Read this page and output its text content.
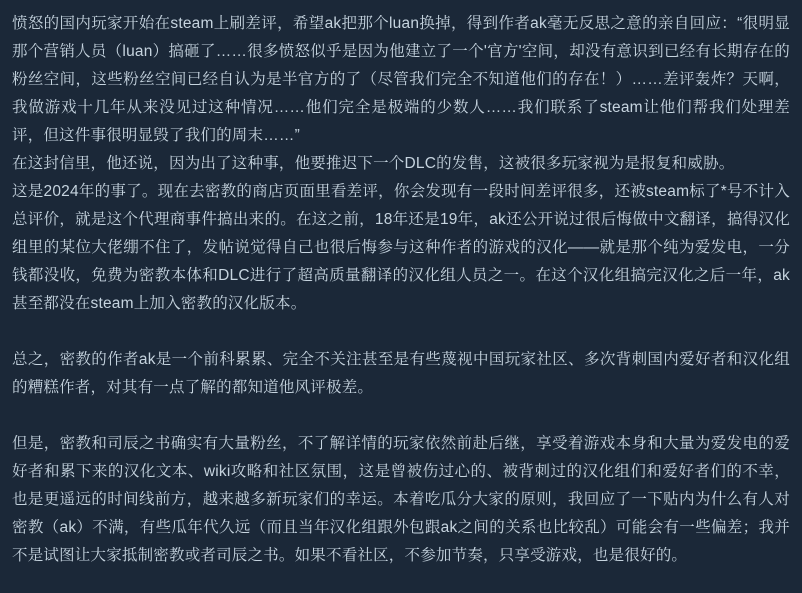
愤怒的国内玩家开始在steam上刷差评，希望ak把那个luan换掉，得到作者ak毫无反思之意的亲自回应：“很明显那个营销人员（luan）搞砸了……很多愤怒似乎是因为他建立了一个'官方'空间，却没有意识到已经有长期存在的粉丝空间，这些粉丝空间已经自认为是半官方的了（尽管我们完全不知道他们的存在！）……差评轰炸？天啊，我做游戏十几年从来没见过这种情况……他们完全是极端的少数人……我们联系了steam让他们帮我们处理差评，但这件事很明显毁了我们的周末……”

在这封信里，他还说，因为出了这种事，他要推迟下一个DLC的发售，这被很多玩家视为是报复和威胁。

这是2024年的事了。现在去密教的商店页面里看差评，你会发现有一段时间差评很多，还被steam标了*号不计入总评价，就是这个代理商事件搞出来的。在这之前，18年还是19年，ak还公开说过很后悔做中文翻译，搞得汉化组里的某位大佬绷不住了，发帖说觉得自己也很后悔参与这种作者的游戏的汉化——就是那个纯为爱发电，一分钱都没收，免费为密教本体和DLC进行了超高质量翻译的汉化组人员之一。在这个汉化组搞完汉化之后一年，ak甚至都没在steam上加入密教的汉化版本。

总之，密教的作者ak是一个前科累累、完全不关注甚至是有些蔑视中国玩家社区、多次背刺国内爱好者和汉化组的糟糕作者，对其有一点了解的都知道他风评极差。

但是，密教和司辰之书确实有大量粉丝，不了解详情的玩家依然前赴后继，享受着游戏本身和大量为爱发电的爱好者和累下来的汉化文本、wiki攻略和社区氛围，这是曾被伤过心的、被背刺过的汉化组们和爱好者们的不幸，也是更遥远的时间线前方，越来越多新玩家们的幸运。本着吃瓜分大家的原则，我回应了一下贴内为什么有人对密教（ak）不满，有些瓜年代久远（而且当年汉化组跟外包跟ak之间的关系也比较乱）可能会有一些偏差；我并不是试图让大家抵制密教或者司辰之书。如果不看社区，不参加节奏，只享受游戏，也是很好的。
